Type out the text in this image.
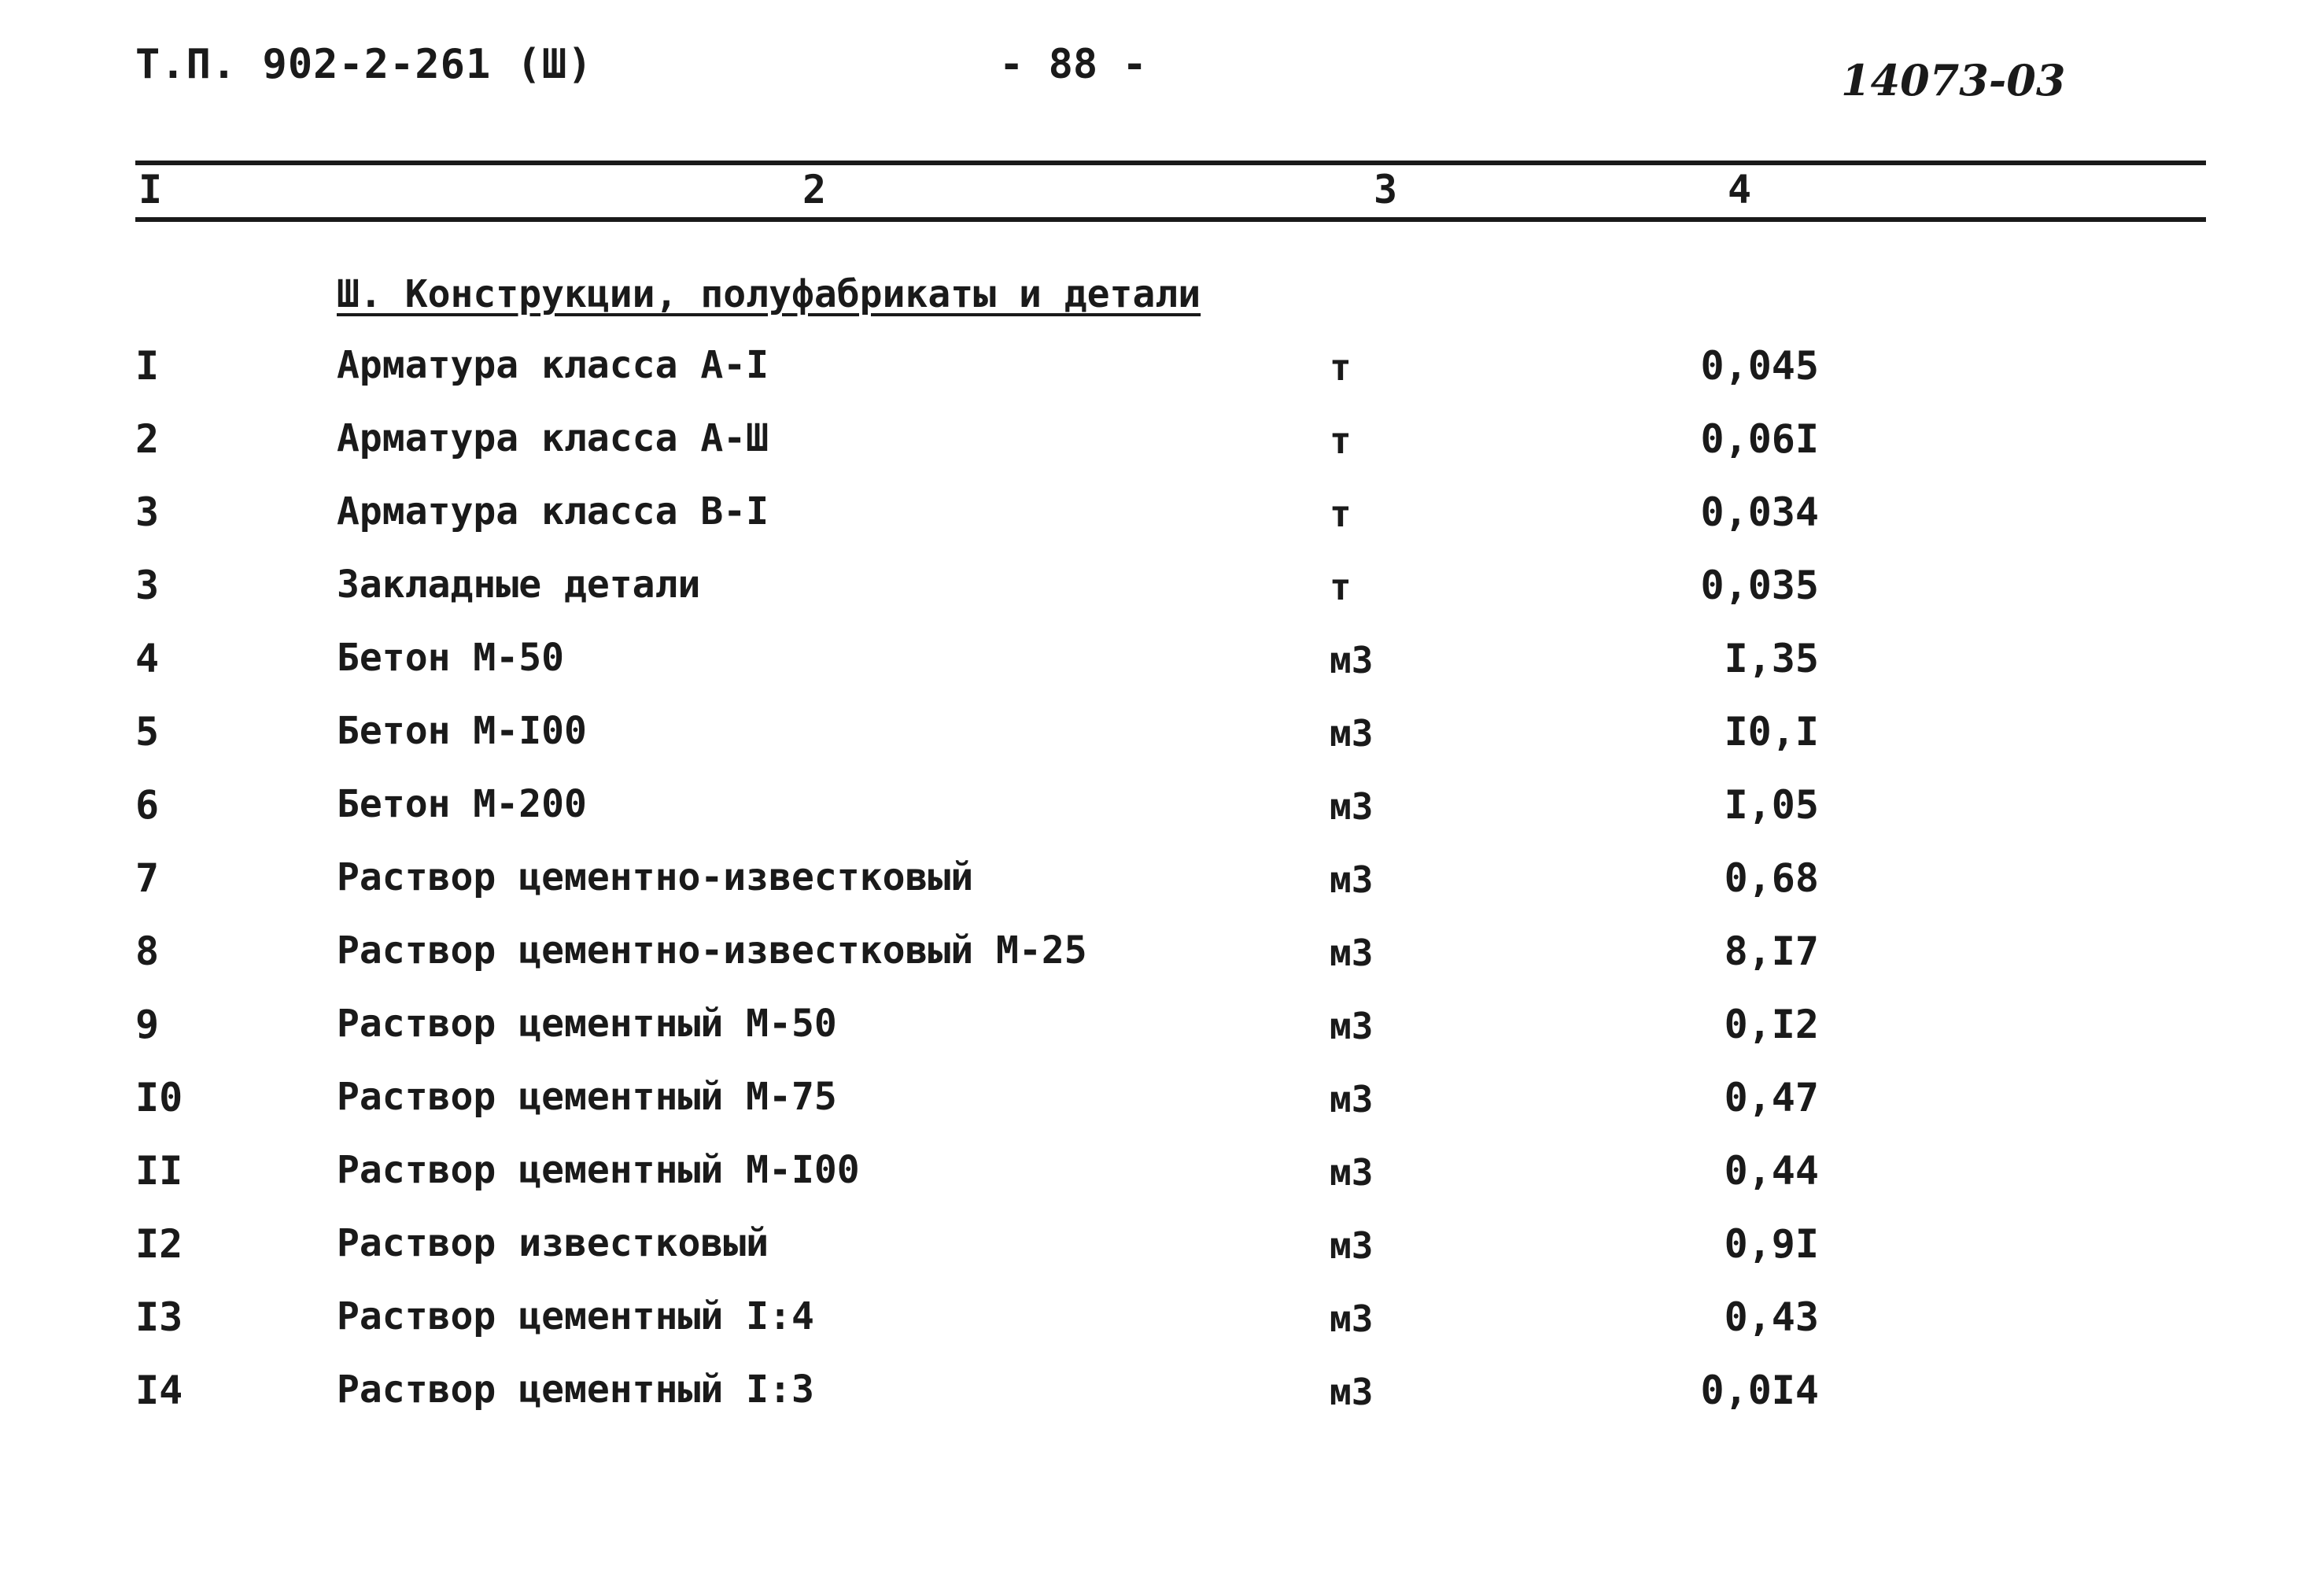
Т.П. 902-2-261 (Ш)	- 88 -	14073-03
I	2	3	4
Ш. Конструкции, полуфабрикаты и детали
I	Арматура класса А-I	т	0,045
2	Арматура класса А-Ш	т	0,06I
3	Арматура класса В-I	т	0,034
3	Закладные детали	т	0,035
4	Бетон М-50	м3	I,35
5	Бетон М-I00	м3	I0,I
6	Бетон М-200	м3	I,05
7	Раствор цементно-известковый	м3	0,68
8	Раствор цементно-известковый М-25	м3	8,I7
9	Раствор цементный М-50	м3	0,I2
I0	Раствор цементный М-75	м3	0,47
II	Раствор цементный М-I00	м3	0,44
I2	Раствор известковый	м3	0,9I
I3	Раствор цементный I:4	м3	0,43
I4	Раствор цементный I:3	м3	0,0I4
